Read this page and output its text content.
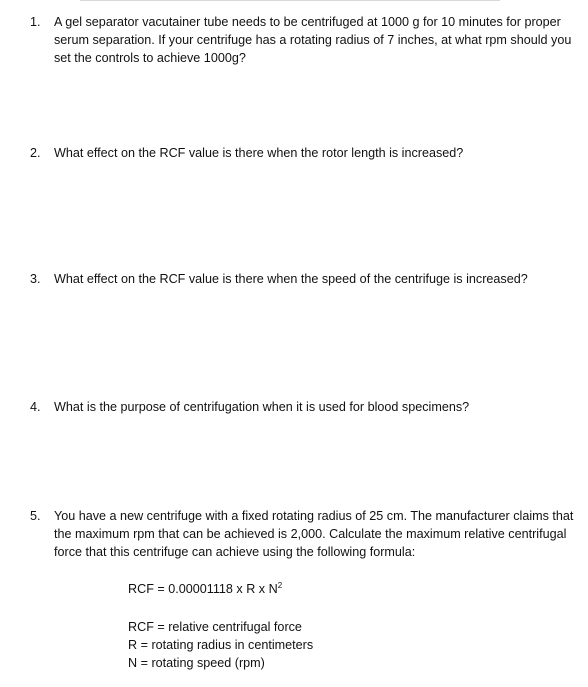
1.	A gel separator vacutainer tube needs to be centrifuged at 1000 g for 10 minutes for proper serum separation. If your centrifuge has a rotating radius of 7 inches, at what rpm should you set the controls to achieve 1000g?
2.	What effect on the RCF value is there when the rotor length is increased?
3.	What effect on the RCF value is there when the speed of the centrifuge is increased?
4.	What is the purpose of centrifugation when it is used for blood specimens?
5.	You have a new centrifuge with a fixed rotating radius of 25 cm. The manufacturer claims that the maximum rpm that can be achieved is 2,000. Calculate the maximum relative centrifugal force that this centrifuge can achieve using the following formula:
RCF = 0.00001118 x R x $N^2$
RCF = relative centrifugal force
R = rotating radius in centimeters
N = rotating speed (rpm)
